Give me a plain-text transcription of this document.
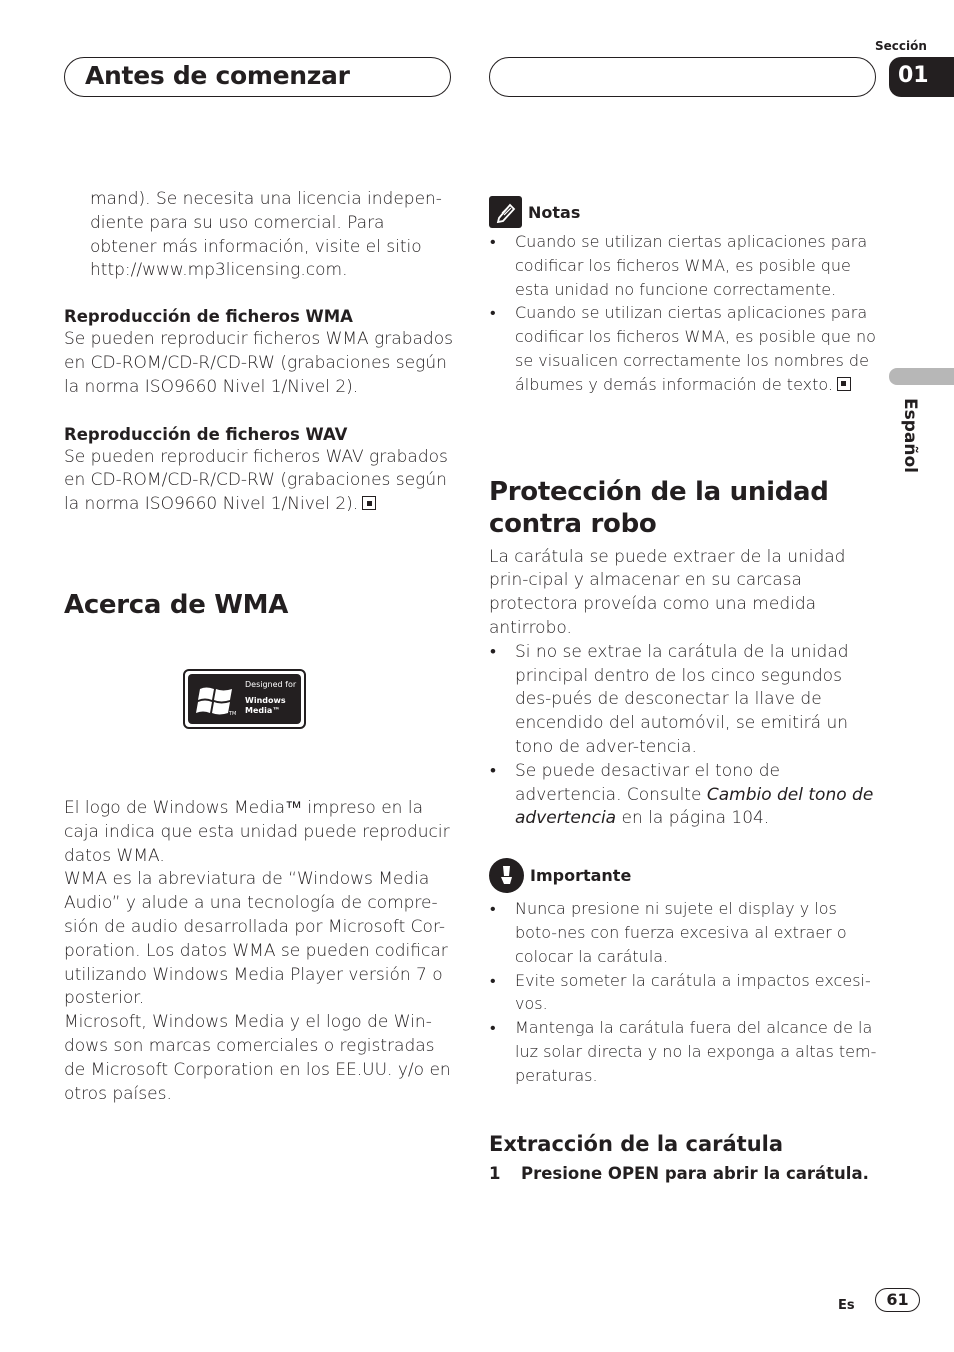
Antes de comenzar
Sección
01
Español

mand). Se necesita una licencia indepen-diente para su uso comercial. Para obtener más información, visite el sitio http://www.mp3licensing.com.

Reproducción de ficheros WMA

Se pueden reproducir ficheros WMA grabados en CD-ROM/CD-R/CD-RW (grabaciones según la norma ISO9660 Nivel 1/Nivel 2).

Reproducción de ficheros WAV

Se pueden reproducir ficheros WAV grabados en CD-ROM/CD-R/CD-RW (grabaciones según la norma ISO9660 Nivel 1/Nivel 2).

Acerca de WMA
Designed for
Windows
Media™
TM

El logo de Windows Media™ impreso en la caja indica que esta unidad puede reproducir datos WMA.

WMA es la abreviatura de “Windows Media Audio” y alude a una tecnología de compre-sión de audio desarrollada por Microsoft Cor-poration. Los datos WMA se pueden codificar utilizando Windows Media Player versión 7 o posterior.

Microsoft, Windows Media y el logo de Win-dows son marcas comerciales o registradas de Microsoft Corporation en los EE.UU. y/o en otros países.

Notas
• Cuando se utilizan ciertas aplicaciones para codificar los ficheros WMA, es posible que esta unidad no funcione correctamente.
• Cuando se utilizan ciertas aplicaciones para codificar los ficheros WMA, es posible que no se visualicen correctamente los nombres de álbumes y demás información de texto.
Protección de la unidad contra robo

La carátula se puede extraer de la unidad prin-cipal y almacenar en su carcasa protectora proveída como una medida antirrobo.

• Si no se extrae la carátula de la unidad principal dentro de los cinco segundos des-pués de desconectar la llave de encendido del automóvil, se emitirá un tono de adver-tencia.
• Se puede desactivar el tono de advertencia. Consulte Cambio del tono de advertencia en la página 104.
Importante
• Nunca presione ni sujete el display y los boto-nes con fuerza excesiva al extraer o colocar la carátula.
• Evite someter la carátula a impactos excesi-vos.
• Mantenga la carátula fuera del alcance de la luz solar directa y no la exponga a altas tem-peraturas.
Extracción de la carátula
1	Presione OPEN para abrir la carátula.
Es	61
